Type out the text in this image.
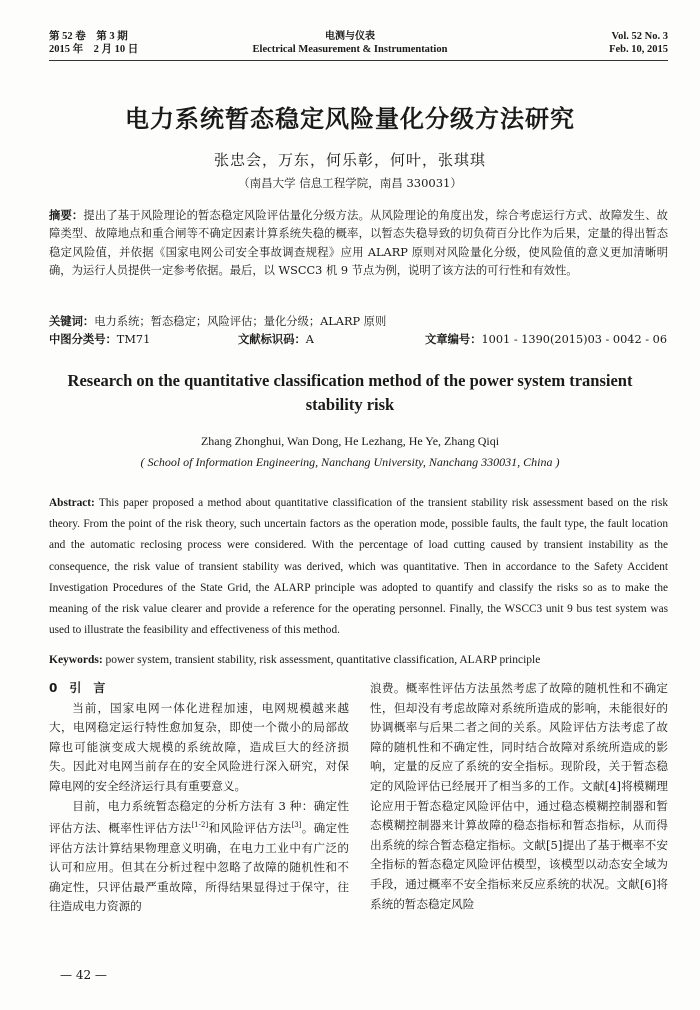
第 52 卷　第 3 期
2015 年　2 月 10 日
电测与仪表
Electrical Measurement & Instrumentation
Vol. 52 No. 3
Feb. 10, 2015
电力系统暂态稳定风险量化分级方法研究
张忠会，万东，何乐彰，何叶，张琪琪
（南昌大学 信息工程学院，南昌 330031）
摘要：提出了基于风险理论的暂态稳定风险评估量化分级方法。从风险理论的角度出发，综合考虑运行方式、故障发生、故障类型、故障地点和重合闸等不确定因素计算系统失稳的概率，以暂态失稳导致的切负荷百分比作为后果，定量的得出暂态稳定风险值，并依据《国家电网公司安全事故调查规程》应用 ALARP 原则对风险量化分级，使风险值的意义更加清晰明确，为运行人员提供一定参考依据。最后，以 WSCC3 机 9 节点为例，说明了该方法的可行性和有效性。
关键词：电力系统；暂态稳定；风险评估；量化分级；ALARP 原则
中图分类号：TM71	文献标识码：A	文章编号：1001 - 1390(2015)03 - 0042 - 06
Research on the quantitative classification method of the power system transient stability risk
Zhang Zhonghui, Wan Dong, He Lezhang, He Ye, Zhang Qiqi
( School of Information Engineering, Nanchang University, Nanchang 330031, China )
Abstract: This paper proposed a method about quantitative classification of the transient stability risk assessment based on the risk theory. From the point of the risk theory, such uncertain factors as the operation mode, possible faults, the fault type, the fault location and the automatic reclosing process were considered. With the percentage of load cutting caused by transient instability as the consequence, the risk value of transient stability was derived, which was quantitative. Then in accordance to the Safety Accident Investigation Procedures of the State Grid, the ALARP principle was adopted to quantify and classify the risks so as to make the meaning of the risk value clearer and provide a reference for the operating personnel. Finally, the WSCC3 unit 9 bus test system was used to illustrate the feasibility and effectiveness of this method.
Keywords: power system, transient stability, risk assessment, quantitative classification, ALARP principle

0　引　言

当前，国家电网一体化进程加速，电网规模越来越大，电网稳定运行特性愈加复杂，即使一个微小的局部故障也可能演变成大规模的系统故障，造成巨大的经济损失。因此对电网当前存在的安全风险进行深入研究，对保障电网的安全经济运行具有重要意义。

目前，电力系统暂态稳定的分析方法有 3 种：确定性评估方法、概率性评估方法[1-2]和风险评估方法[3]。确定性评估方法计算结果物理意义明确，在电力工业中有广泛的认可和应用。但其在分析过程中忽略了故障的随机性和不确定性，只评估最严重故障，所得结果显得过于保守，往往造成电力资源的

浪费。概率性评估方法虽然考虑了故障的随机性和不确定性，但却没有考虑故障对系统所造成的影响，未能很好的协调概率与后果二者之间的关系。风险评估方法考虑了故障的随机性和不确定性，同时结合故障对系统所造成的影响，定量的反应了系统的安全指标。现阶段，关于暂态稳定的风险评估已经展开了相当多的工作。文献[4]将模糊理论应用于暂态稳定风险评估中，通过稳态模糊控制器和暂态模糊控制器来计算故障的稳态指标和暂态指标，从而得出系统的综合暂态稳定指标。文献[5]提出了基于概率不安全指标的暂态稳定风险评估模型，该模型以动态安全域为手段，通过概率不安全指标来反应系统的状况。文献[6]将系统的暂态稳定风险

— 42 —
